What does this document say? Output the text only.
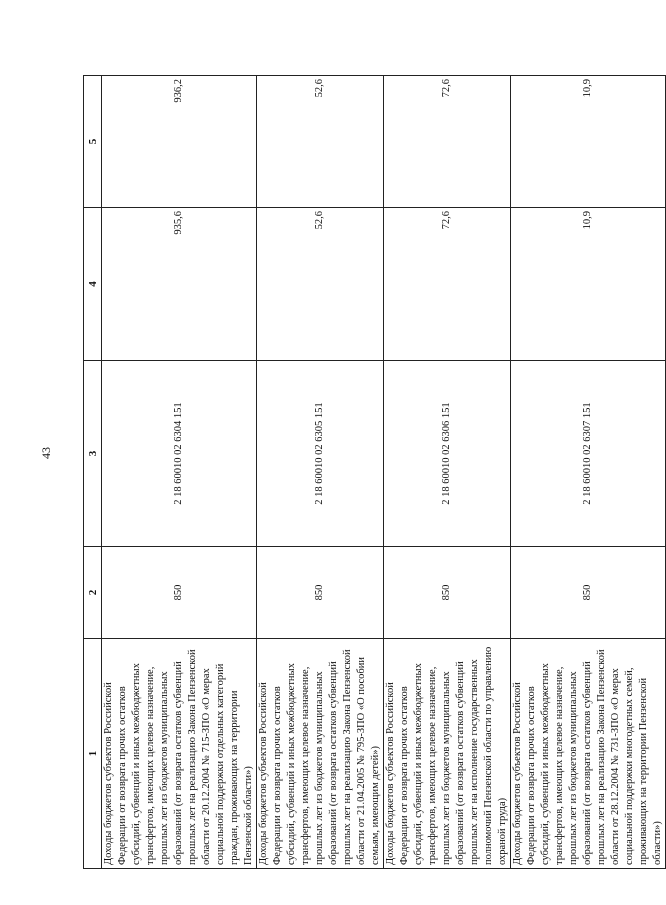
43
1	2	3	4	5
Доходы бюджетов субъектов Российской Федерации от возврата прочих остатков субсидий, субвенций и иных межбюджетных трансфертов, имеющих целевое назначение, прошлых лет из бюджетов муниципальных образований (от возврата остатков субвенций прошлых лет на реализацию Закона Пензенской области от 20.12.2004 № 715-ЗПО «О мерах социальной поддержки отдельных категорий граждан, проживающих на территории Пензенской области»)	850	2 18 60010 02 6304 151	935,6	936,2
Доходы бюджетов субъектов Российской Федерации от возврата прочих остатков субсидий, субвенций и иных межбюджетных трансфертов, имеющих целевое назначение, прошлых лет из бюджетов муниципальных образований (от возврата остатков субвенций прошлых лет на реализацию Закона Пензенской области от 21.04.2005 № 795-ЗПО «О пособии семьям, имеющим детей»)	850	2 18 60010 02 6305 151	52,6	52,6
Доходы бюджетов субъектов Российской Федерации от возврата прочих остатков субсидий, субвенций и иных межбюджетных трансфертов, имеющих целевое назначение, прошлых лет из бюджетов муниципальных образований (от возврата остатков субвенций прошлых лет на исполнение государственных полномочий Пензенской области по управлению охраной труда)	850	2 18 60010 02 6306 151	72,6	72,6
Доходы бюджетов субъектов Российской Федерации от возврата прочих остатков субсидий, субвенций и иных межбюджетных трансфертов, имеющих целевое назначение, прошлых лет из бюджетов муниципальных образований (от возврата остатков субвенций прошлых лет на реализацию Закона Пензенской области от 28.12.2004 № 731-ЗПО «О мерах социальной поддержки многодетных семей, проживающих на территории Пензенской области»)	850	2 18 60010 02 6307 151	10,9	10,9
